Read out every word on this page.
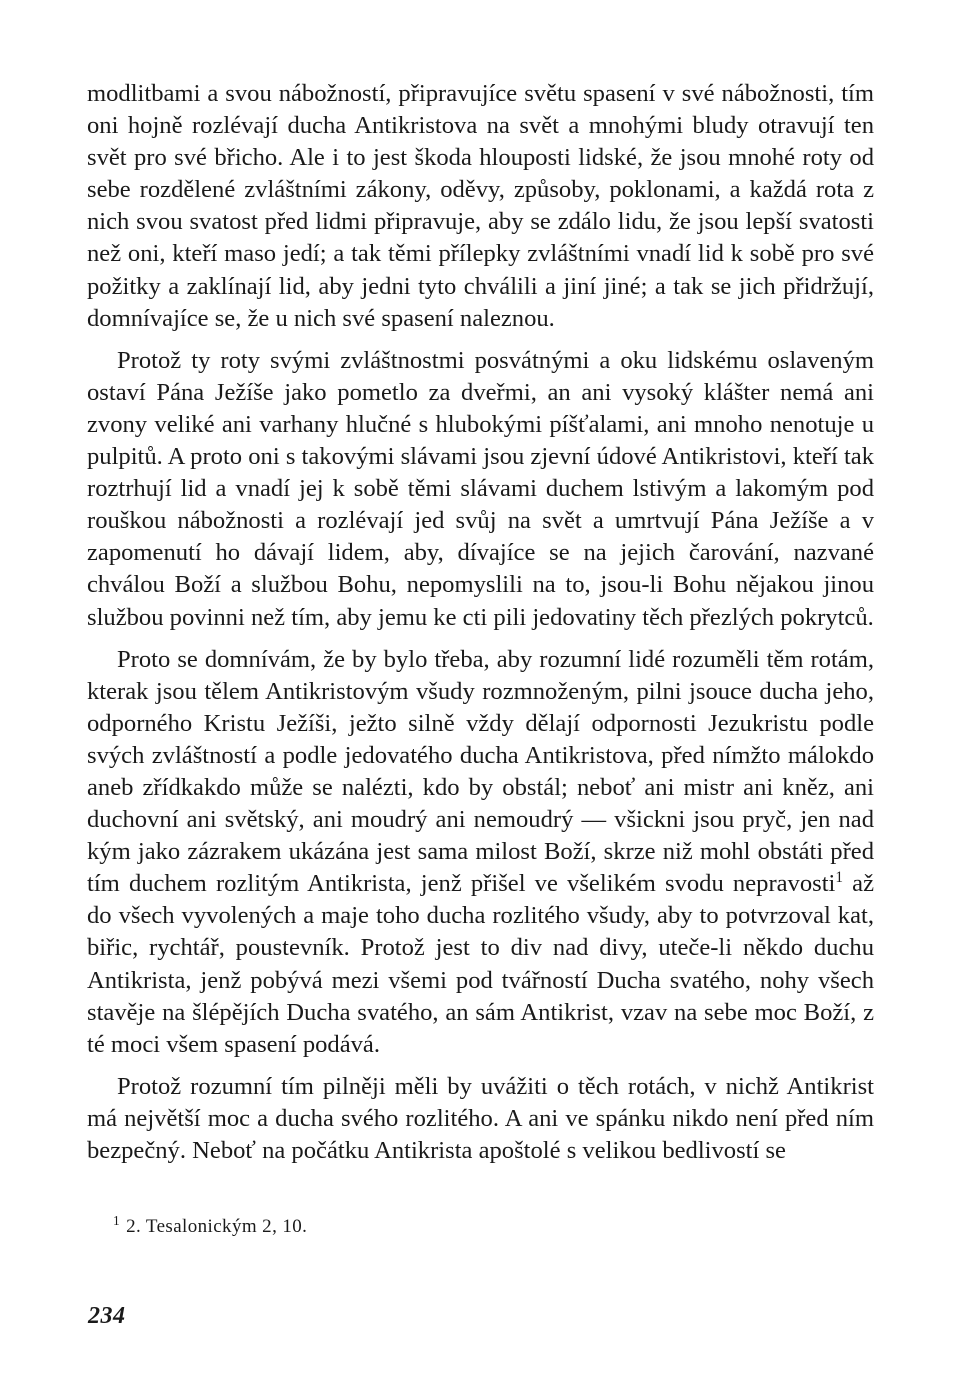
modlitbami a svou nábožností, připravujíce světu spasení v své nábožnosti, tím oni hojně rozlévají ducha Antikristova na svět a mnohými bludy otravují ten svět pro své břicho. Ale i to jest škoda hlouposti lidské, že jsou mnohé roty od sebe rozdělené zvláštními zákony, oděvy, způsoby, poklonami, a každá rota z nich svou svatost před lidmi připravuje, aby se zdálo lidu, že jsou lepší svatosti než oni, kteří maso jedí; a tak těmi přílepky zvláštními vnadí lid k sobě pro své požitky a zaklínají lid, aby jedni tyto chválili a jiní jiné; a tak se jich přidržují, domnívajíce se, že u nich své spasení naleznou.

Protož ty roty svými zvláštnostmi posvátnými a oku lidskému oslaveným ostaví Pána Ježíše jako pometlo za dveřmi, an ani vysoký klášter nemá ani zvony veliké ani varhany hlučné s hlubokými píšťalami, ani mnoho nenotuje u pulpitů. A proto oni s takovými slávami jsou zjevní údové Antikristovi, kteří tak roztrhují lid a vnadí jej k sobě těmi slávami duchem lstivým a lakomým pod rouškou nábožnosti a rozlévají jed svůj na svět a umrtvují Pána Ježíše a v zapomenutí ho dávají lidem, aby, dívajíce se na jejich čarování, nazvané chválou Boží a službou Bohu, nepomyslili na to, jsou-li Bohu nějakou jinou službou povinni než tím, aby jemu ke cti pili jedovatiny těch přezlých pokrytců.

Proto se domnívám, že by bylo třeba, aby rozumní lidé rozuměli těm rotám, kterak jsou tělem Antikristovým všudy rozmnoženým, pilni jsouce ducha jeho, odporného Kristu Ježíši, ježto silně vždy dělají odpornosti Jezukristu podle svých zvláštností a podle jedovatého ducha Antikristova, před nímžto málokdo aneb zřídkakdo může se nalézti, kdo by obstál; neboť ani mistr ani kněz, ani duchovní ani světský, ani moudrý ani nemoudrý — všickni jsou pryč, jen nad kým jako zázrakem ukázána jest sama milost Boží, skrze niž mohl obstáti před tím duchem rozlitým Antikrista, jenž přišel ve všelikém svodu nepravosti$^1$ až do všech vyvolených a maje toho ducha rozlitého všudy, aby to potvrzoval kat, biřic, rychtář, poustevník. Protož jest to div nad divy, uteče-li někdo duchu Antikrista, jenž pobývá mezi všemi pod tvářností Ducha svatého, nohy všech stavěje na šlépějích Ducha svatého, an sám Antikrist, vzav na sebe moc Boží, z té moci všem spasení podává.

Protož rozumní tím pilněji měli by uvážiti o těch rotách, v nichž Antikrist má největší moc a ducha svého rozlitého. A ani ve spánku nikdo není před ním bezpečný. Neboť na počátku Antikrista apoštolé s velikou bedlivostí se

$^1$ 2. Tesalonickým 2, 10.
234
